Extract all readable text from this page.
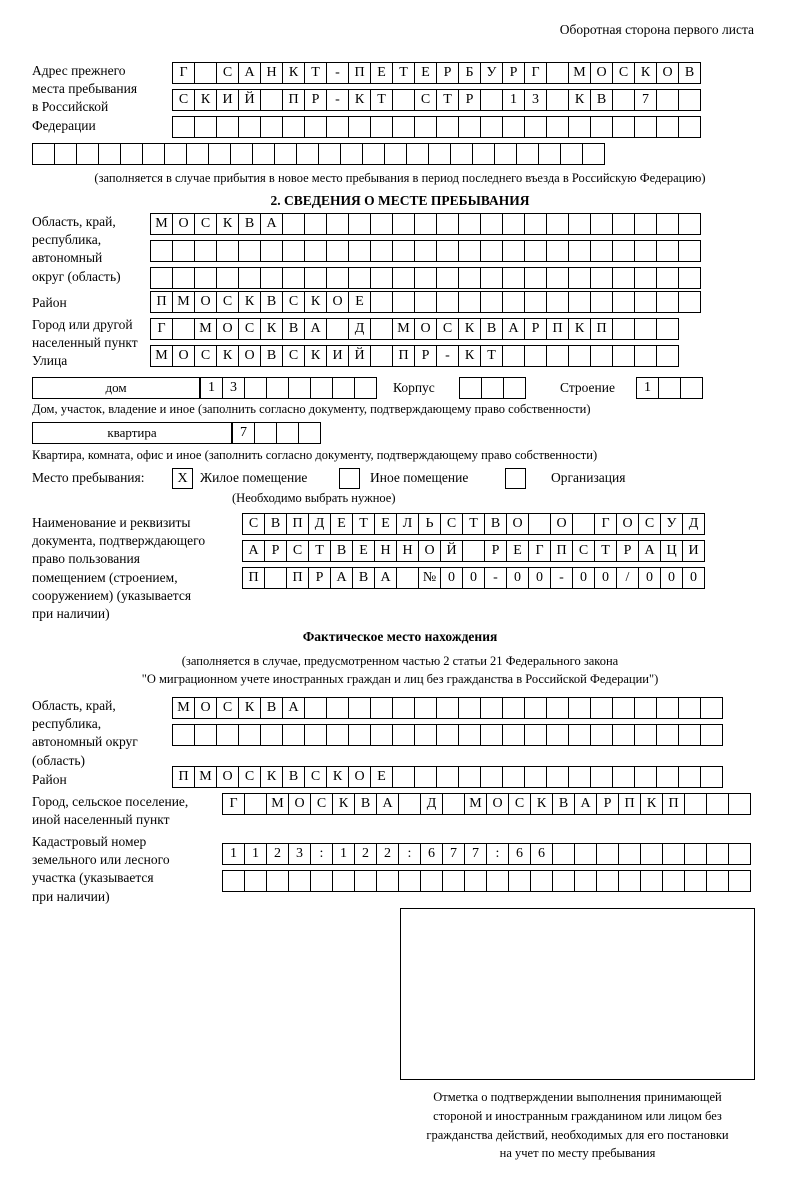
Оборотная сторона первого листа
Адрес прежнего
места пребывания
в Российской
Федерации
Г	С А Н К Т	-	П Е Т Е Р	Б У Р	Г	М О С К О В
С К И Й	П Р	-	К Т	С Т Р	1	3	К В	7
(заполняется в случае прибытия в новое место пребывания в период последнего въезда в Российскую Федерацию)
2. СВЕДЕНИЯ О МЕСТЕ ПРЕБЫВАНИЯ
Область, край,
республика,
автономный
округ (область)
М О С К В А
Район	П М О С К В С К О Е
Город или другой
населенный пункт
Г	М О С К В А	Д	М О С К В А Р П К П
Улица	М О С К О В С К И Й	П Р	-	К Т
дом	1	3	Корпус	Строение	1
Дом, участок, владение и иное (заполнить согласно документу, подтверждающему право собственности)
квартира	7
Квартира, комната, офис и иное (заполнить согласно документу, подтверждающему право собственности)
Место пребывания:	Х Жилое помещение	Иное помещение	Организация
(Необходимо выбрать нужное)
Наименование и реквизиты
документа, подтверждающего
право пользования
помещением (строением,
сооружением) (указывается
при наличии)
С В П Д Е Т Е Л Ь С Т В О	О	Г О С У Д
А Р С Т В Е Н Н О Й	Р Е Г П С Т Р А Ц И
П	П Р А В А	№ 0	0	-	0	0	-	0	0	/	0	0	0
Фактическое место нахождения
(заполняется в случае, предусмотренном частью 2 статьи 21 Федерального закона
"О миграционном учете иностранных граждан и лиц без гражданства в Российской Федерации")
Область, край,
республика,
автономный округ
(область)
М О С К В А
Район	П М О С К В С К О Е
Город, сельское поселение,
иной населенный пункт
Г	М О С К В А	Д	М О С К В А Р П К П
Кадастровый номер
земельного или лесного
участка (указывается
при наличии)
1	1	2	3	:	1	2	2	:	6	7	7	:	6	6
Отметка о подтверждении выполнения принимающей
стороной и иностранным гражданином или лицом без
гражданства действий, необходимых для его постановки
на учет по месту пребывания
